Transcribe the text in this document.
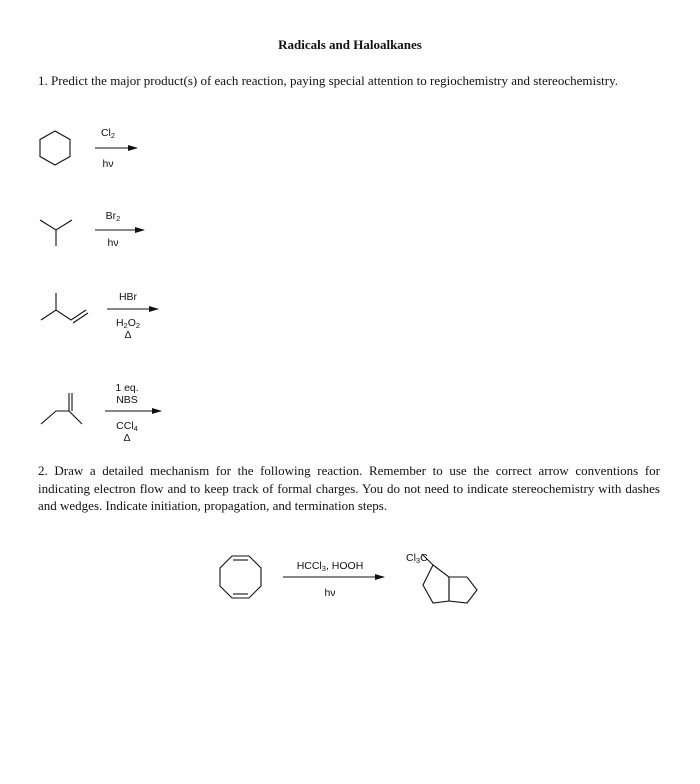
Radicals and Haloalkanes
1. Predict the major product(s) of each reaction, paying special attention to regiochemistry and stereochemistry.
2. Draw a detailed mechanism for the following reaction. Remember to use the correct arrow conventions for indicating electron flow and to keep track of formal charges. You do not need to indicate stereochemistry with dashes and wedges. Indicate initiation, propagation, and termination steps.
Cl2
hν
Br2
hν
HBr
H2O2
Δ
1 eq.
NBS
CCl4
Δ
HCCl3, HOOH
hν
Cl3C
